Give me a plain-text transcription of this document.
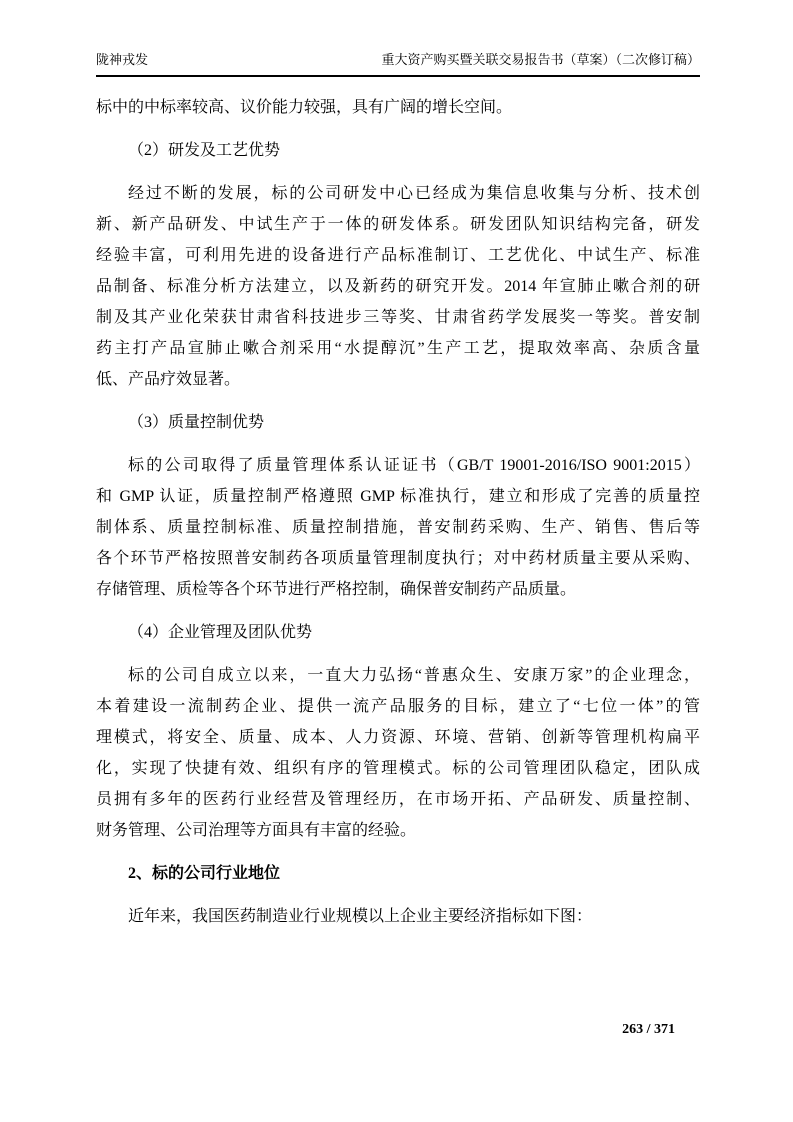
陇神戎发	重大资产购买暨关联交易报告书（草案）（二次修订稿）
标中的中标率较高、议价能力较强，具有广阔的增长空间。
（2）研发及工艺优势
经过不断的发展，标的公司研发中心已经成为集信息收集与分析、技术创
新、新产品研发、中试生产于一体的研发体系。研发团队知识结构完备，研发
经验丰富，可利用先进的设备进行产品标准制订、工艺优化、中试生产、标准
品制备、标准分析方法建立，以及新药的研究开发。2014 年宣肺止嗽合剂的研
制及其产业化荣获甘肃省科技进步三等奖、甘肃省药学发展奖一等奖。普安制
药主打产品宣肺止嗽合剂采用“水提醇沉”生产工艺，提取效率高、杂质含量
低、产品疗效显著。
（3）质量控制优势
标的公司取得了质量管理体系认证证书（GB/T 19001-2016/ISO 9001:2015）
和 GMP 认证，质量控制严格遵照 GMP 标准执行，建立和形成了完善的质量控
制体系、质量控制标准、质量控制措施，普安制药采购、生产、销售、售后等
各个环节严格按照普安制药各项质量管理制度执行；对中药材质量主要从采购、
存储管理、质检等各个环节进行严格控制，确保普安制药产品质量。
（4）企业管理及团队优势
标的公司自成立以来，一直大力弘扬“普惠众生、安康万家”的企业理念，
本着建设一流制药企业、提供一流产品服务的目标，建立了“七位一体”的管
理模式，将安全、质量、成本、人力资源、环境、营销、创新等管理机构扁平
化，实现了快捷有效、组织有序的管理模式。标的公司管理团队稳定，团队成
员拥有多年的医药行业经营及管理经历，在市场开拓、产品研发、质量控制、
财务管理、公司治理等方面具有丰富的经验。
2、标的公司行业地位
近年来，我国医药制造业行业规模以上企业主要经济指标如下图：
263 / 371
